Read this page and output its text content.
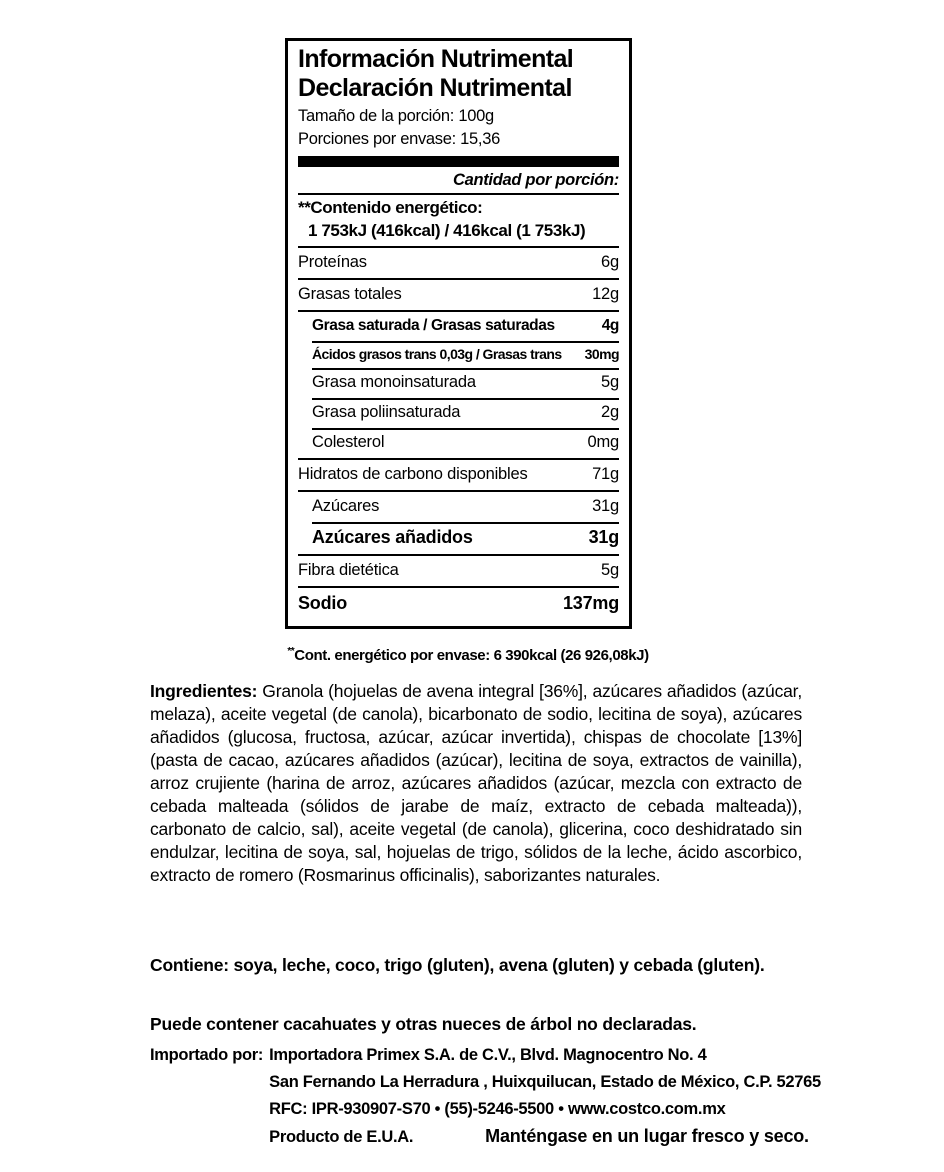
Información Nutrimental
Declaración Nutrimental
Tamaño de la porción: 100g
Porciones por envase: 15,36
Cantidad por porción:
**Contenido energético:
1 753kJ (416kcal) / 416kcal (1 753kJ)
Proteínas	6g
Grasas totales	12g
Grasa saturada / Grasas saturadas	4g
Ácidos grasos trans 0,03g / Grasas trans 30mg
Grasa monoinsaturada	5g
Grasa poliinsaturada	2g
Colesterol	0mg
Hidratos de carbono disponibles	71g
Azúcares	31g
Azúcares añadidos	31g
Fibra dietética	5g
Sodio	137mg
**Cont. energético por envase: 6 390kcal (26 926,08kJ)
Ingredientes: Granola (hojuelas de avena integral [36%], azúcares añadidos (azúcar, melaza), aceite vegetal (de canola), bicarbonato de sodio, lecitina de soya), azúcares añadidos (glucosa, fructosa, azúcar, azúcar invertida), chispas de chocolate [13%] (pasta de cacao, azúcares añadidos (azúcar), lecitina de soya, extractos de vainilla), arroz crujiente (harina de arroz, azúcares añadidos (azúcar, mezcla con extracto de cebada malteada (sólidos de jarabe de maíz, extracto de cebada malteada)), carbonato de calcio, sal), aceite vegetal (de canola), glicerina, coco deshidratado sin endulzar, lecitina de soya, sal, hojuelas de trigo, sólidos de la leche, ácido ascorbico, extracto de romero (Rosmarinus officinalis), saborizantes naturales.
Contiene: soya, leche, coco, trigo (gluten), avena (gluten) y cebada (gluten).
Puede contener cacahuates y otras nueces de árbol no declaradas.
Importado por: Importadora Primex S.A. de C.V., Blvd. Magnocentro No. 4
San Fernando La Herradura , Huixquilucan, Estado de México, C.P. 52765
RFC: IPR-930907-S70 • (55)-5246-5500 • www.costco.com.mx
Producto de E.U.A.	Manténgase en un lugar fresco y seco.
